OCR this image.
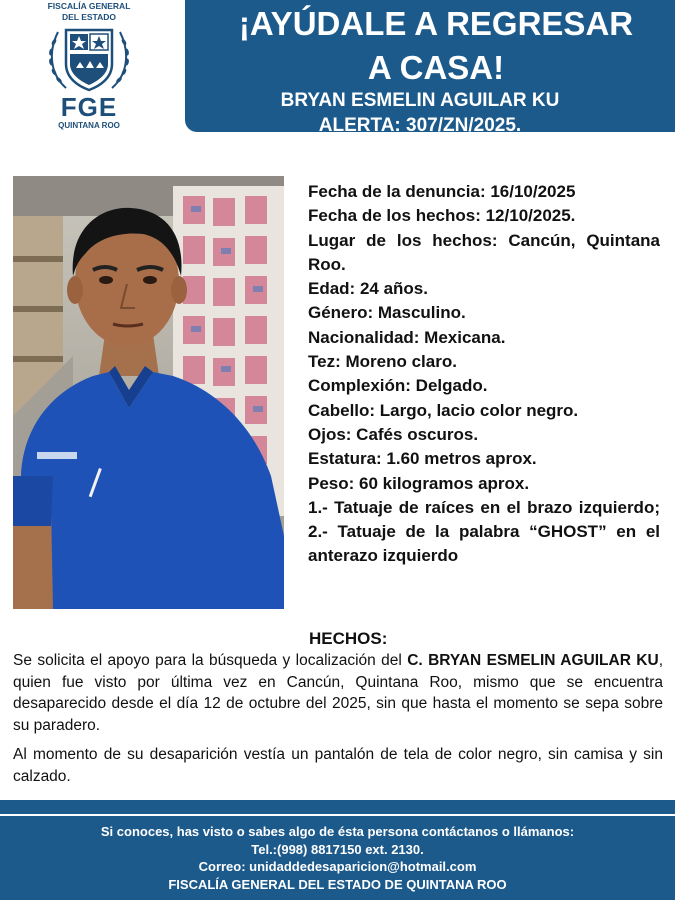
FISCALÍA GENERAL
DEL ESTADO
FGE
QUINTANA ROO
¡AYÚDALE A REGRESAR
A CASA!
BRYAN ESMELIN AGUILAR KU
ALERTA: 307/ZN/2025.

Fecha de la denuncia: 16/10/2025

Fecha de los hechos: 12/10/2025.

Lugar de los hechos: Cancún, Quintana Roo.

Edad: 24 años.

Género: Masculino.

Nacionalidad: Mexicana.

Tez: Moreno claro.

Complexión: Delgado.

Cabello: Largo, lacio color negro.

Ojos: Cafés oscuros.

Estatura: 1.60 metros aprox.

Peso: 60 kilogramos aprox.

1.- Tatuaje de raíces en el brazo izquierdo; 2.- Tatuaje de la palabra “GHOST” en el anterazo izquierdo

HECHOS:

Se solicita el apoyo para la búsqueda y localización del C. BRYAN ESMELIN AGUILAR KU, quien fue visto por última vez en Cancún, Quintana Roo, mismo que se encuentra desaparecido desde el día 12 de octubre del 2025, sin que hasta el momento se sepa sobre su paradero.

Al momento de su desaparición vestía un pantalón de tela de color negro, sin camisa y sin calzado.

Si conoces, has visto o sabes algo de ésta persona contáctanos o llámanos:
Tel.:(998) 8817150 ext. 2130.
Correo: unidaddedesaparicion@hotmail.com
FISCALÍA GENERAL DEL ESTADO DE QUINTANA ROO
